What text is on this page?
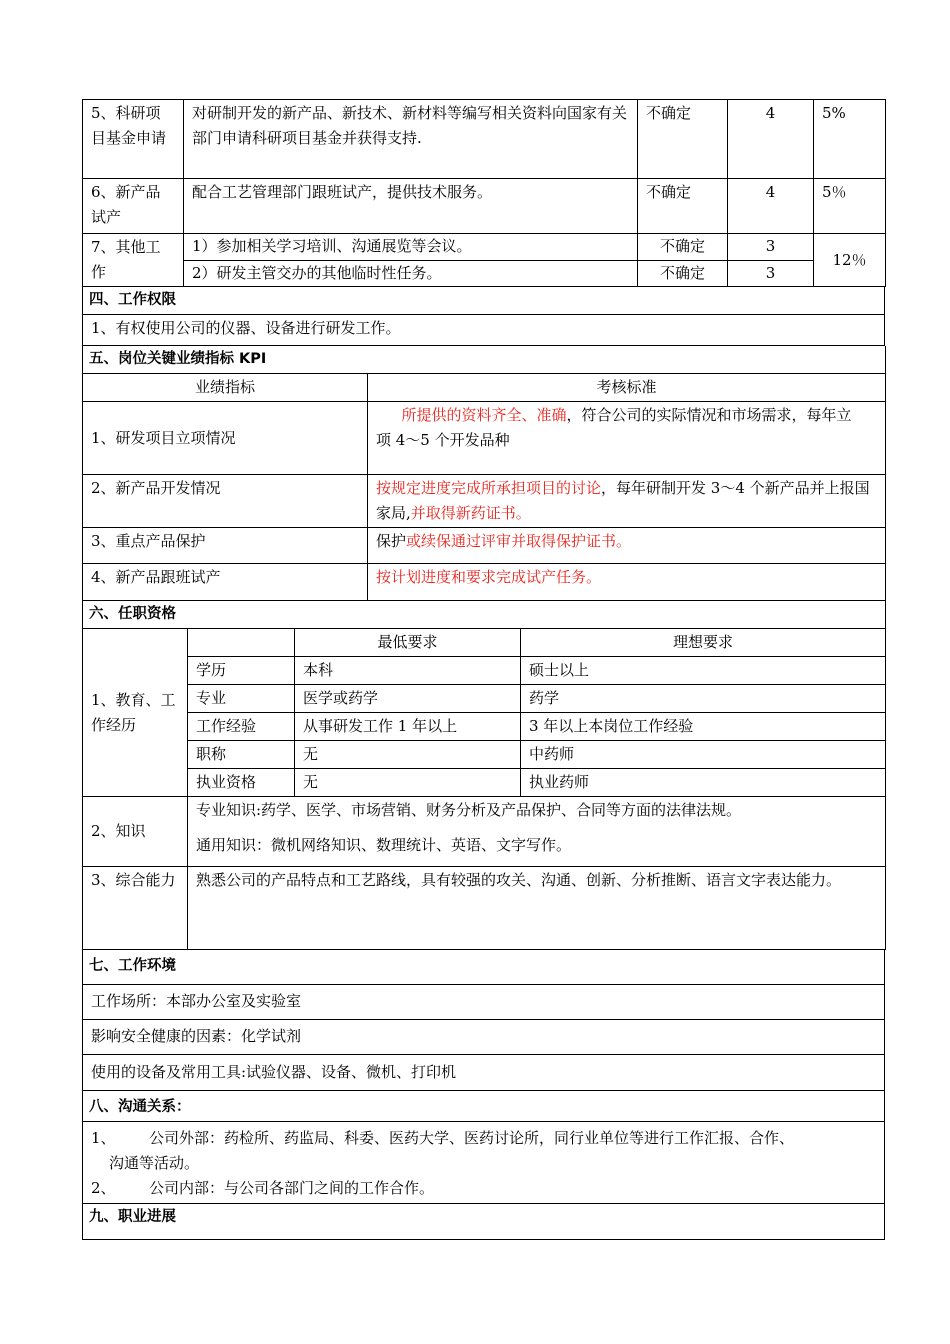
5、科研项目基金申请	对研制开发的新产品、新技术、新材料等编写相关资料向国家有关部门申请科研项目基金并获得支持.	不确定	4	5%
6、新产品试产	配合工艺管理部门跟班试产，提供技术服务。	不确定	4	5％
7、其他工作	1）参加相关学习培训、沟通展览等会议。	不确定	3	12％
	2）研发主管交办的其他临时性任务。	不确定	3	
四、工作权限
1、有权使用公司的仪器、设备进行研发工作。
五、岗位关键业绩指标 KPI	
业绩指标	考核标准
1、研发项目立项情况	所提供的资料齐全、准确，符合公司的实际情况和市场需求，每年立
项 4～5 个开发品种

2、新产品开发情况	按规定进度完成所承担项目的讨论，每年研制开发 3～4 个新产品并上报国家局,并取得新药证书。
3、重点产品保护	保护或续保通过评审并取得保护证书。
4、新产品跟班试产	按计划进度和要求完成试产任务。
六、任职资格			
1、教育、工作经历		最低要求	理想要求
	学历	本科	硕士以上
	专业	医学或药学	药学
	工作经验	从事研发工作 1 年以上	3 年以上本岗位工作经验
	职称	无	中药师
	执业资格	无	执业药师
2、知识	专业知识:药学、医学、市场营销、财务分析及产品保护、合同等方面的法律法规。
通用知识：微机网络知识、数理统计、英语、文字写作。		

3、综合能力	熟悉公司的产品特点和工艺路线，具有较强的攻关、沟通、创新、分析推断、语言文字表达能力。		
七、工作环境
工作场所：本部办公室及实验室
影响安全健康的因素：化学试剂
使用的设备及常用工具:试验仪器、设备、微机、打印机
八、沟通关系：

1、	公司外部：药检所、药监局、科委、医药大学、医药讨论所，同行业单位等进行工作汇报、合作、
沟通等活动。
2、	公司内部：与公司各部门之间的工作合作。
九、职业进展
